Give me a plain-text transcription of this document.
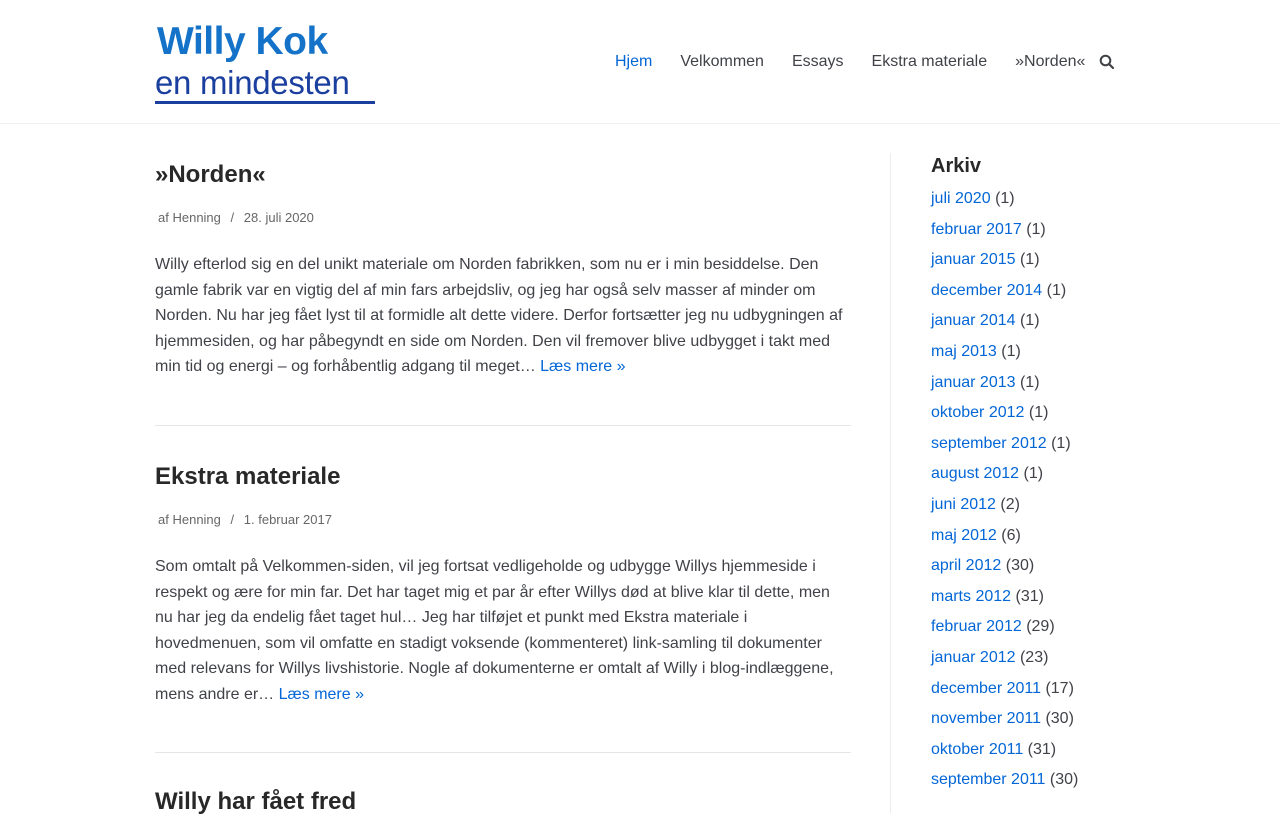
Willy Kok
en mindesten
Hjem Velkommen Essays Ekstra materiale »Norden«
»Norden«
af Henning / 28. juli 2020

Willy efterlod sig en del unikt materiale om Norden fabrikken, som nu er i min besiddelse. Den gamle fabrik var en vigtig del af min fars arbejdsliv, og jeg har også selv masser af minder om Norden. Nu har jeg fået lyst til at formidle alt dette videre. Derfor fortsætter jeg nu udbygningen af hjemmesiden, og har påbegyndt en side om Norden. Den vil fremover blive udbygget i takt med min tid og energi – og forhåbentlig adgang til meget… Læs mere »

Ekstra materiale
af Henning / 1. februar 2017

Som omtalt på Velkommen-siden, vil jeg fortsat vedligeholde og udbygge Willys hjemmeside i respekt og ære for min far. Det har taget mig et par år efter Willys død at blive klar til dette, men nu har jeg da endelig fået taget hul… Jeg har tilføjet et punkt med Ekstra materiale i hovedmenuen, som vil omfatte en stadigt voksende (kommenteret) link-samling til dokumenter med relevans for Willys livshistorie. Nogle af dokumenterne er omtalt af Willy i blog-indlæggene, mens andre er… Læs mere »

Willy har fået fred
Arkiv
juli 2020 (1)
februar 2017 (1)
januar 2015 (1)
december 2014 (1)
januar 2014 (1)
maj 2013 (1)
januar 2013 (1)
oktober 2012 (1)
september 2012 (1)
august 2012 (1)
juni 2012 (2)
maj 2012 (6)
april 2012 (30)
marts 2012 (31)
februar 2012 (29)
januar 2012 (23)
december 2011 (17)
november 2011 (30)
oktober 2011 (31)
september 2011 (30)
